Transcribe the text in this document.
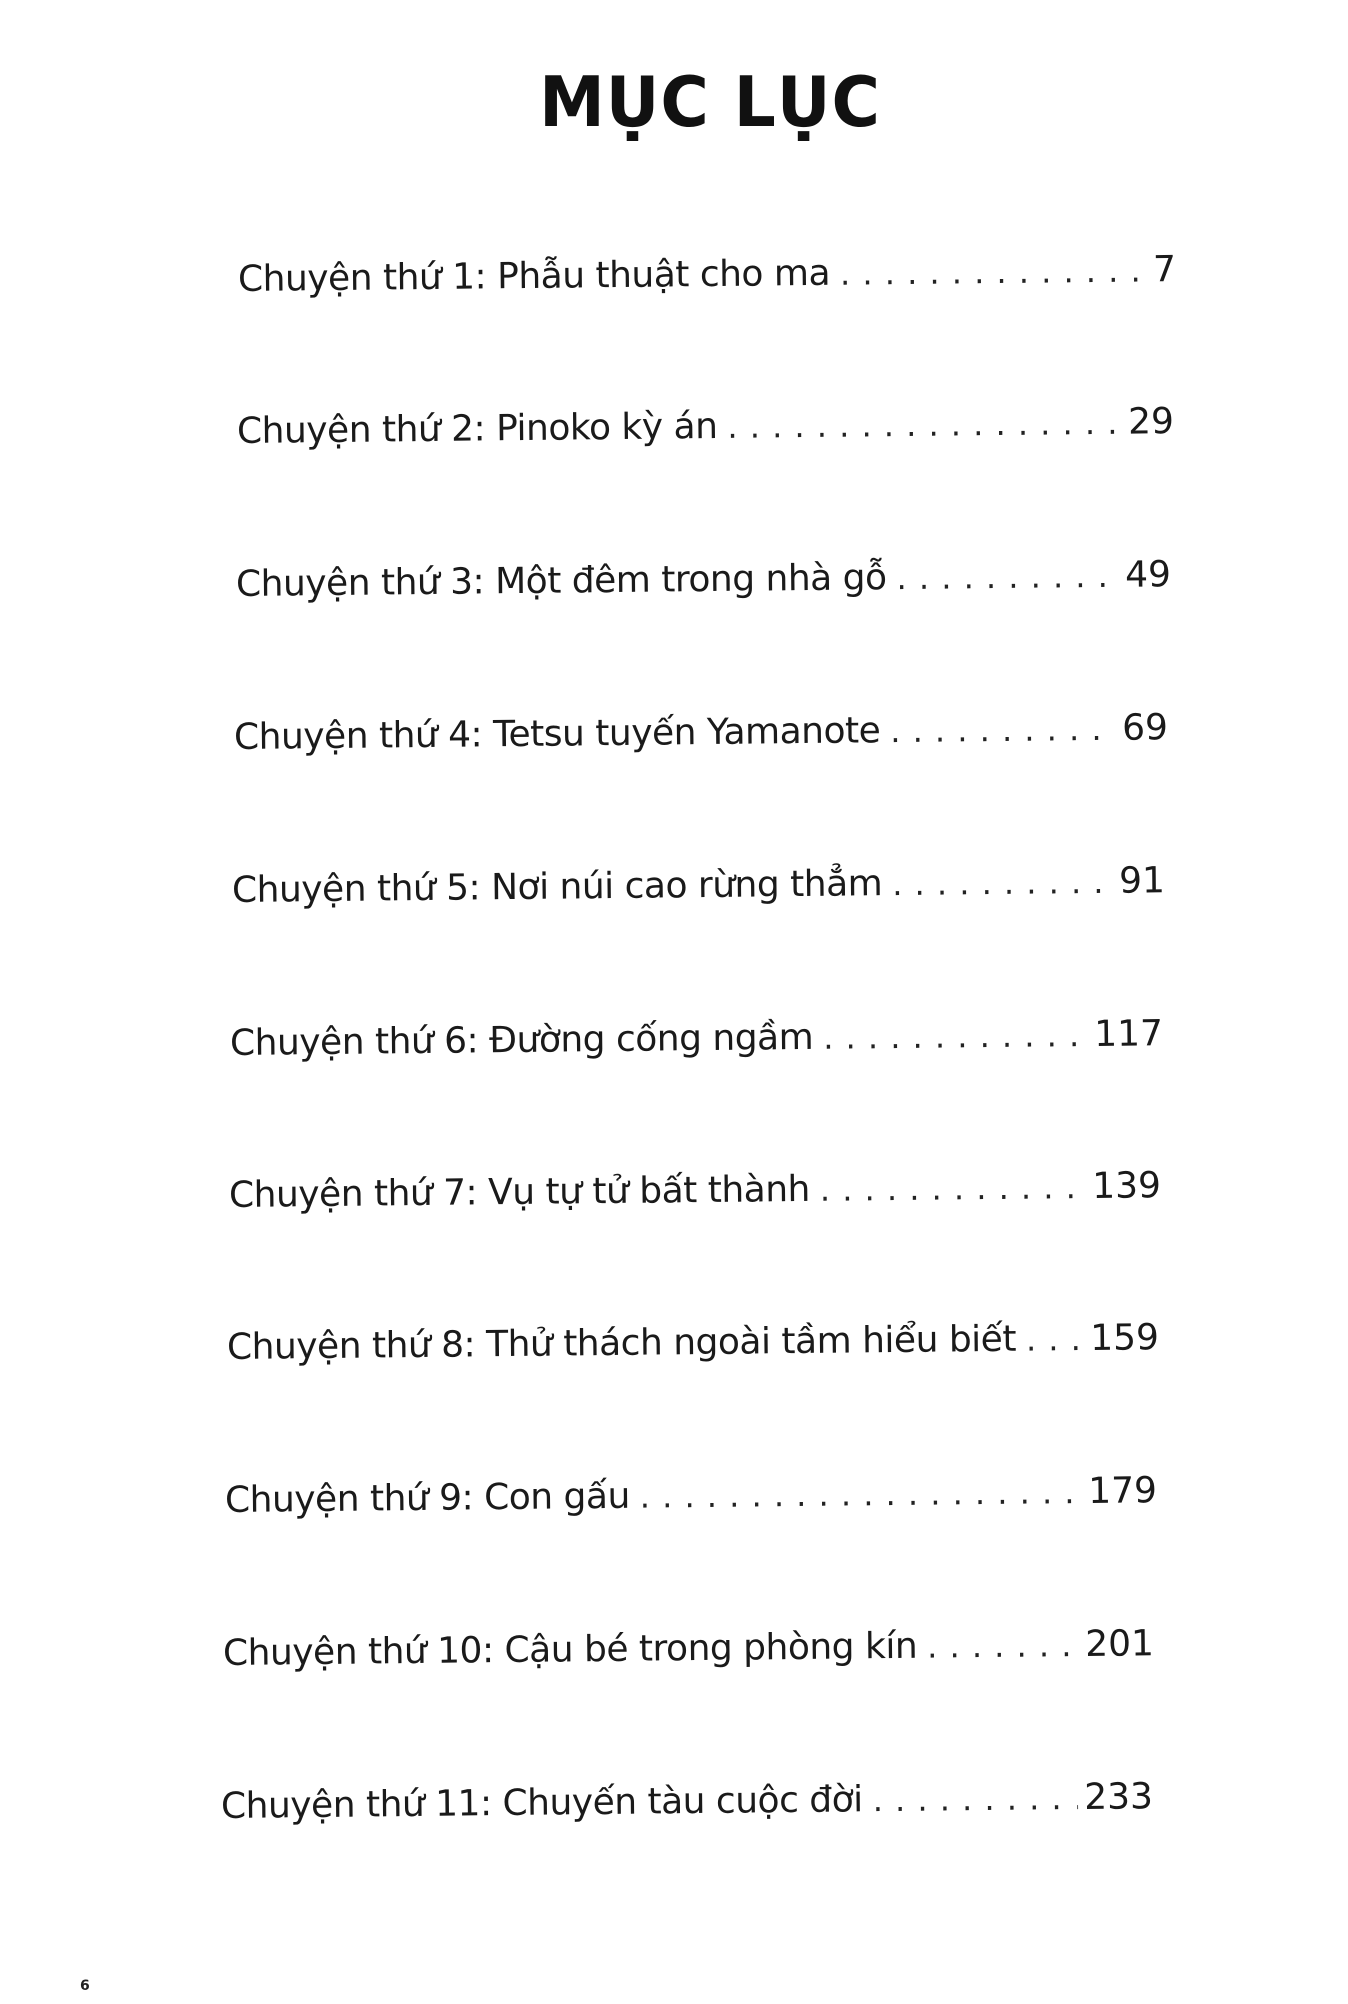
MỤC LỤC
Chuyện thứ 1: Phẫu thuật cho ma . . .	7
Chuyện thứ 2: Pinoko kỳ án . . .	29
Chuyện thứ 3: Một đêm trong nhà gỗ . . .	49
Chuyện thứ 4: Tetsu tuyến Yamanote . . .	69
Chuyện thứ 5: Nơi núi cao rừng thẳm . . .	91
Chuyện thứ 6: Đường cống ngầm . . .	117
Chuyện thứ 7: Vụ tự tử bất thành . . .	139
Chuyện thứ 8: Thử thách ngoài tầm hiểu biết . . . 159
Chuyện thứ 9: Con gấu . . .	179
Chuyện thứ 10: Cậu bé trong phòng kín . . .	201
Chuyện thứ 11: Chuyến tàu cuộc đời . . .	233
6
